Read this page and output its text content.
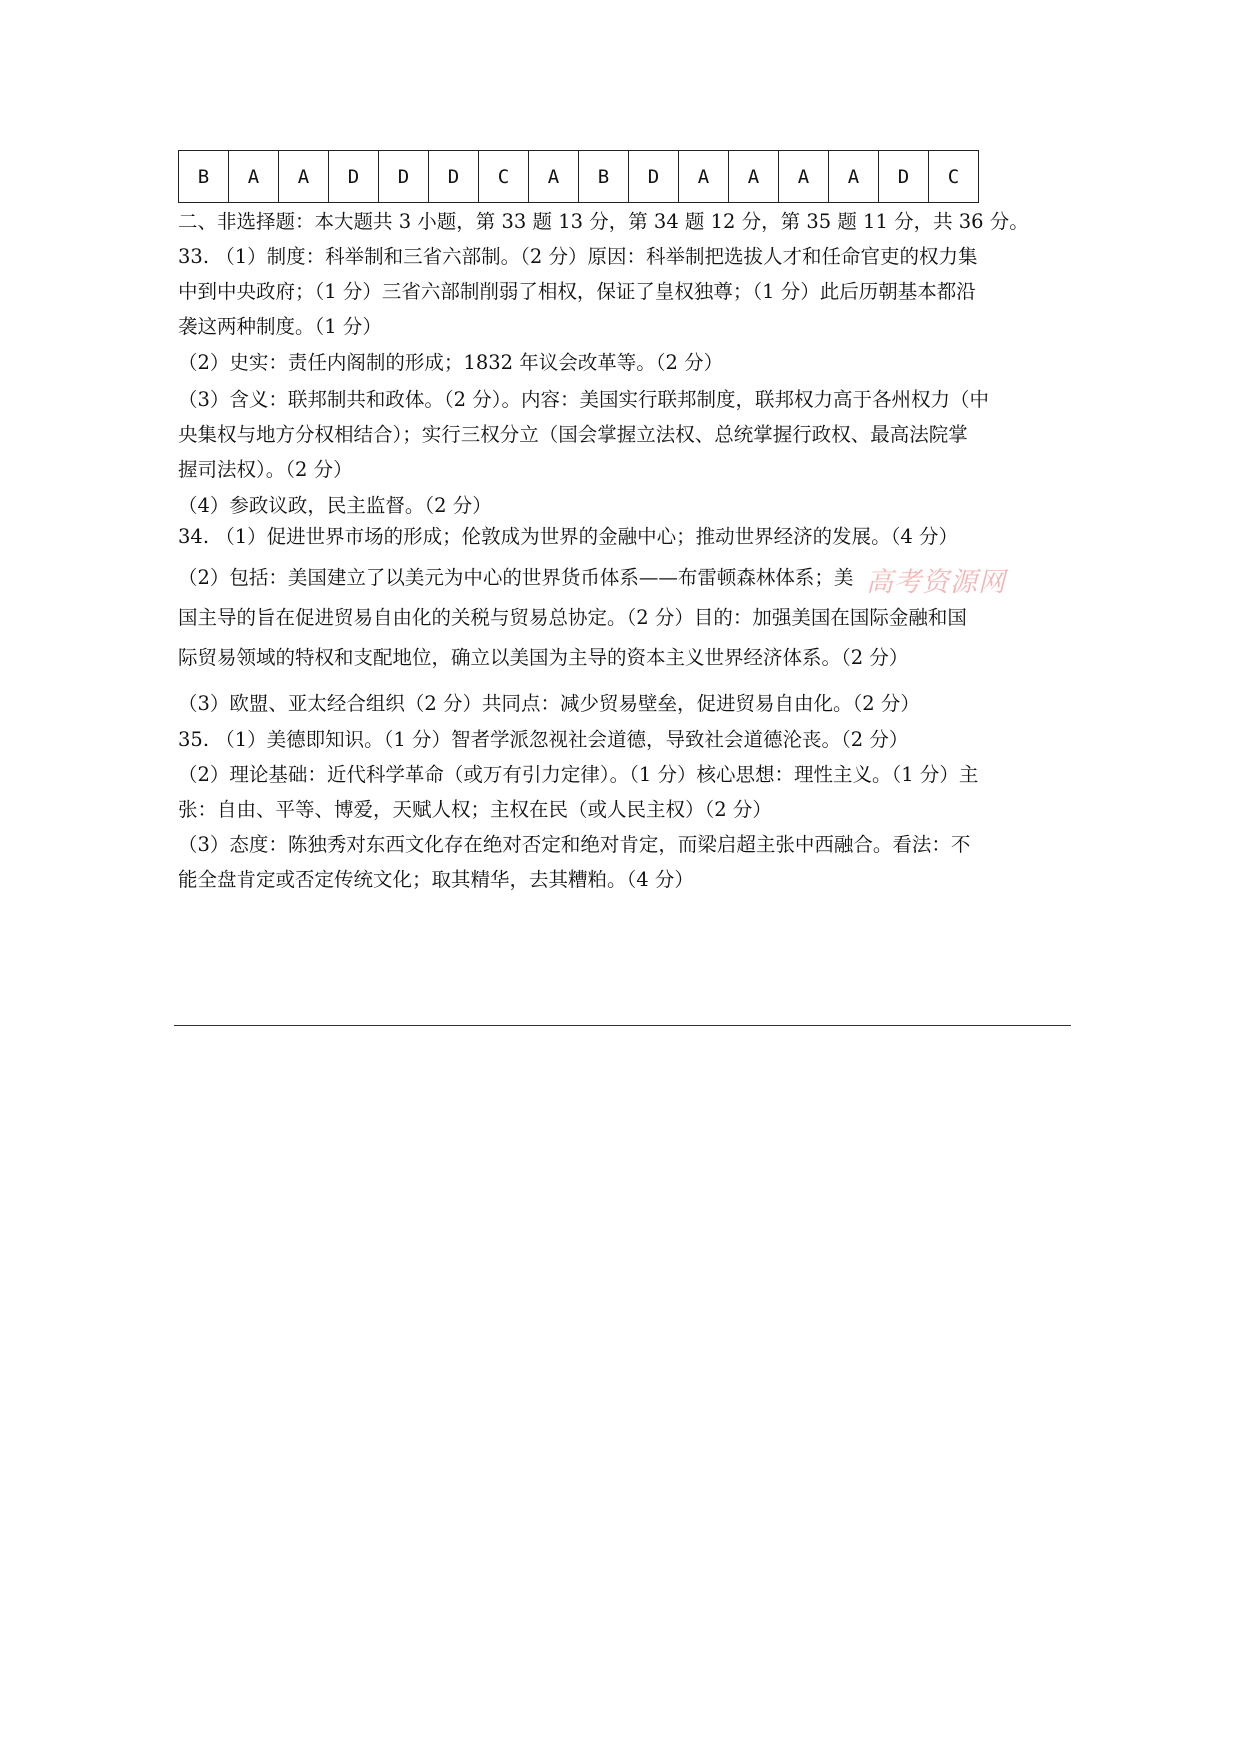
B	A	A	D	D	D	C	A	B	D	A	A	A	A	D	C
二、非选择题：本大题共 3 小题，第 33 题 13 分，第 34 题 12 分，第 35 题 11 分，共 36 分。
33. （1）制度：科举制和三省六部制。（2 分）原因：科举制把选拔人才和任命官吏的权力集
中到中央政府；（1 分）三省六部制削弱了相权，保证了皇权独尊；（1 分）此后历朝基本都沿
袭这两种制度。（1 分）
（2）史实：责任内阁制的形成；1832 年议会改革等。（2 分）
（3）含义：联邦制共和政体。（2 分）。内容：美国实行联邦制度，联邦权力高于各州权力（中
央集权与地方分权相结合）；实行三权分立（国会掌握立法权、总统掌握行政权、最高法院掌
握司法权）。（2 分）
（4）参政议政，民主监督。（2 分）
34. （1）促进世界市场的形成；伦敦成为世界的金融中心；推动世界经济的发展。（4 分）
（2）包括：美国建立了以美元为中心的世界货币体系——布雷顿森林体系；美
国主导的旨在促进贸易自由化的关税与贸易总协定。（2 分）目的：加强美国在国际金融和国
际贸易领域的特权和支配地位，确立以美国为主导的资本主义世界经济体系。（2 分）
（3）欧盟、亚太经合组织（2 分）共同点：减少贸易壁垒，促进贸易自由化。（2 分）
35. （1）美德即知识。（1 分）智者学派忽视社会道德，导致社会道德沦丧。（2 分）
（2）理论基础：近代科学革命（或万有引力定律）。（1 分）核心思想：理性主义。（1 分）主
张：自由、平等、博爱，天赋人权；主权在民（或人民主权）（2 分）
（3）态度：陈独秀对东西文化存在绝对否定和绝对肯定，而梁启超主张中西融合。看法：不
能全盘肯定或否定传统文化；取其精华，去其糟粕。（4 分）
高考资源网
